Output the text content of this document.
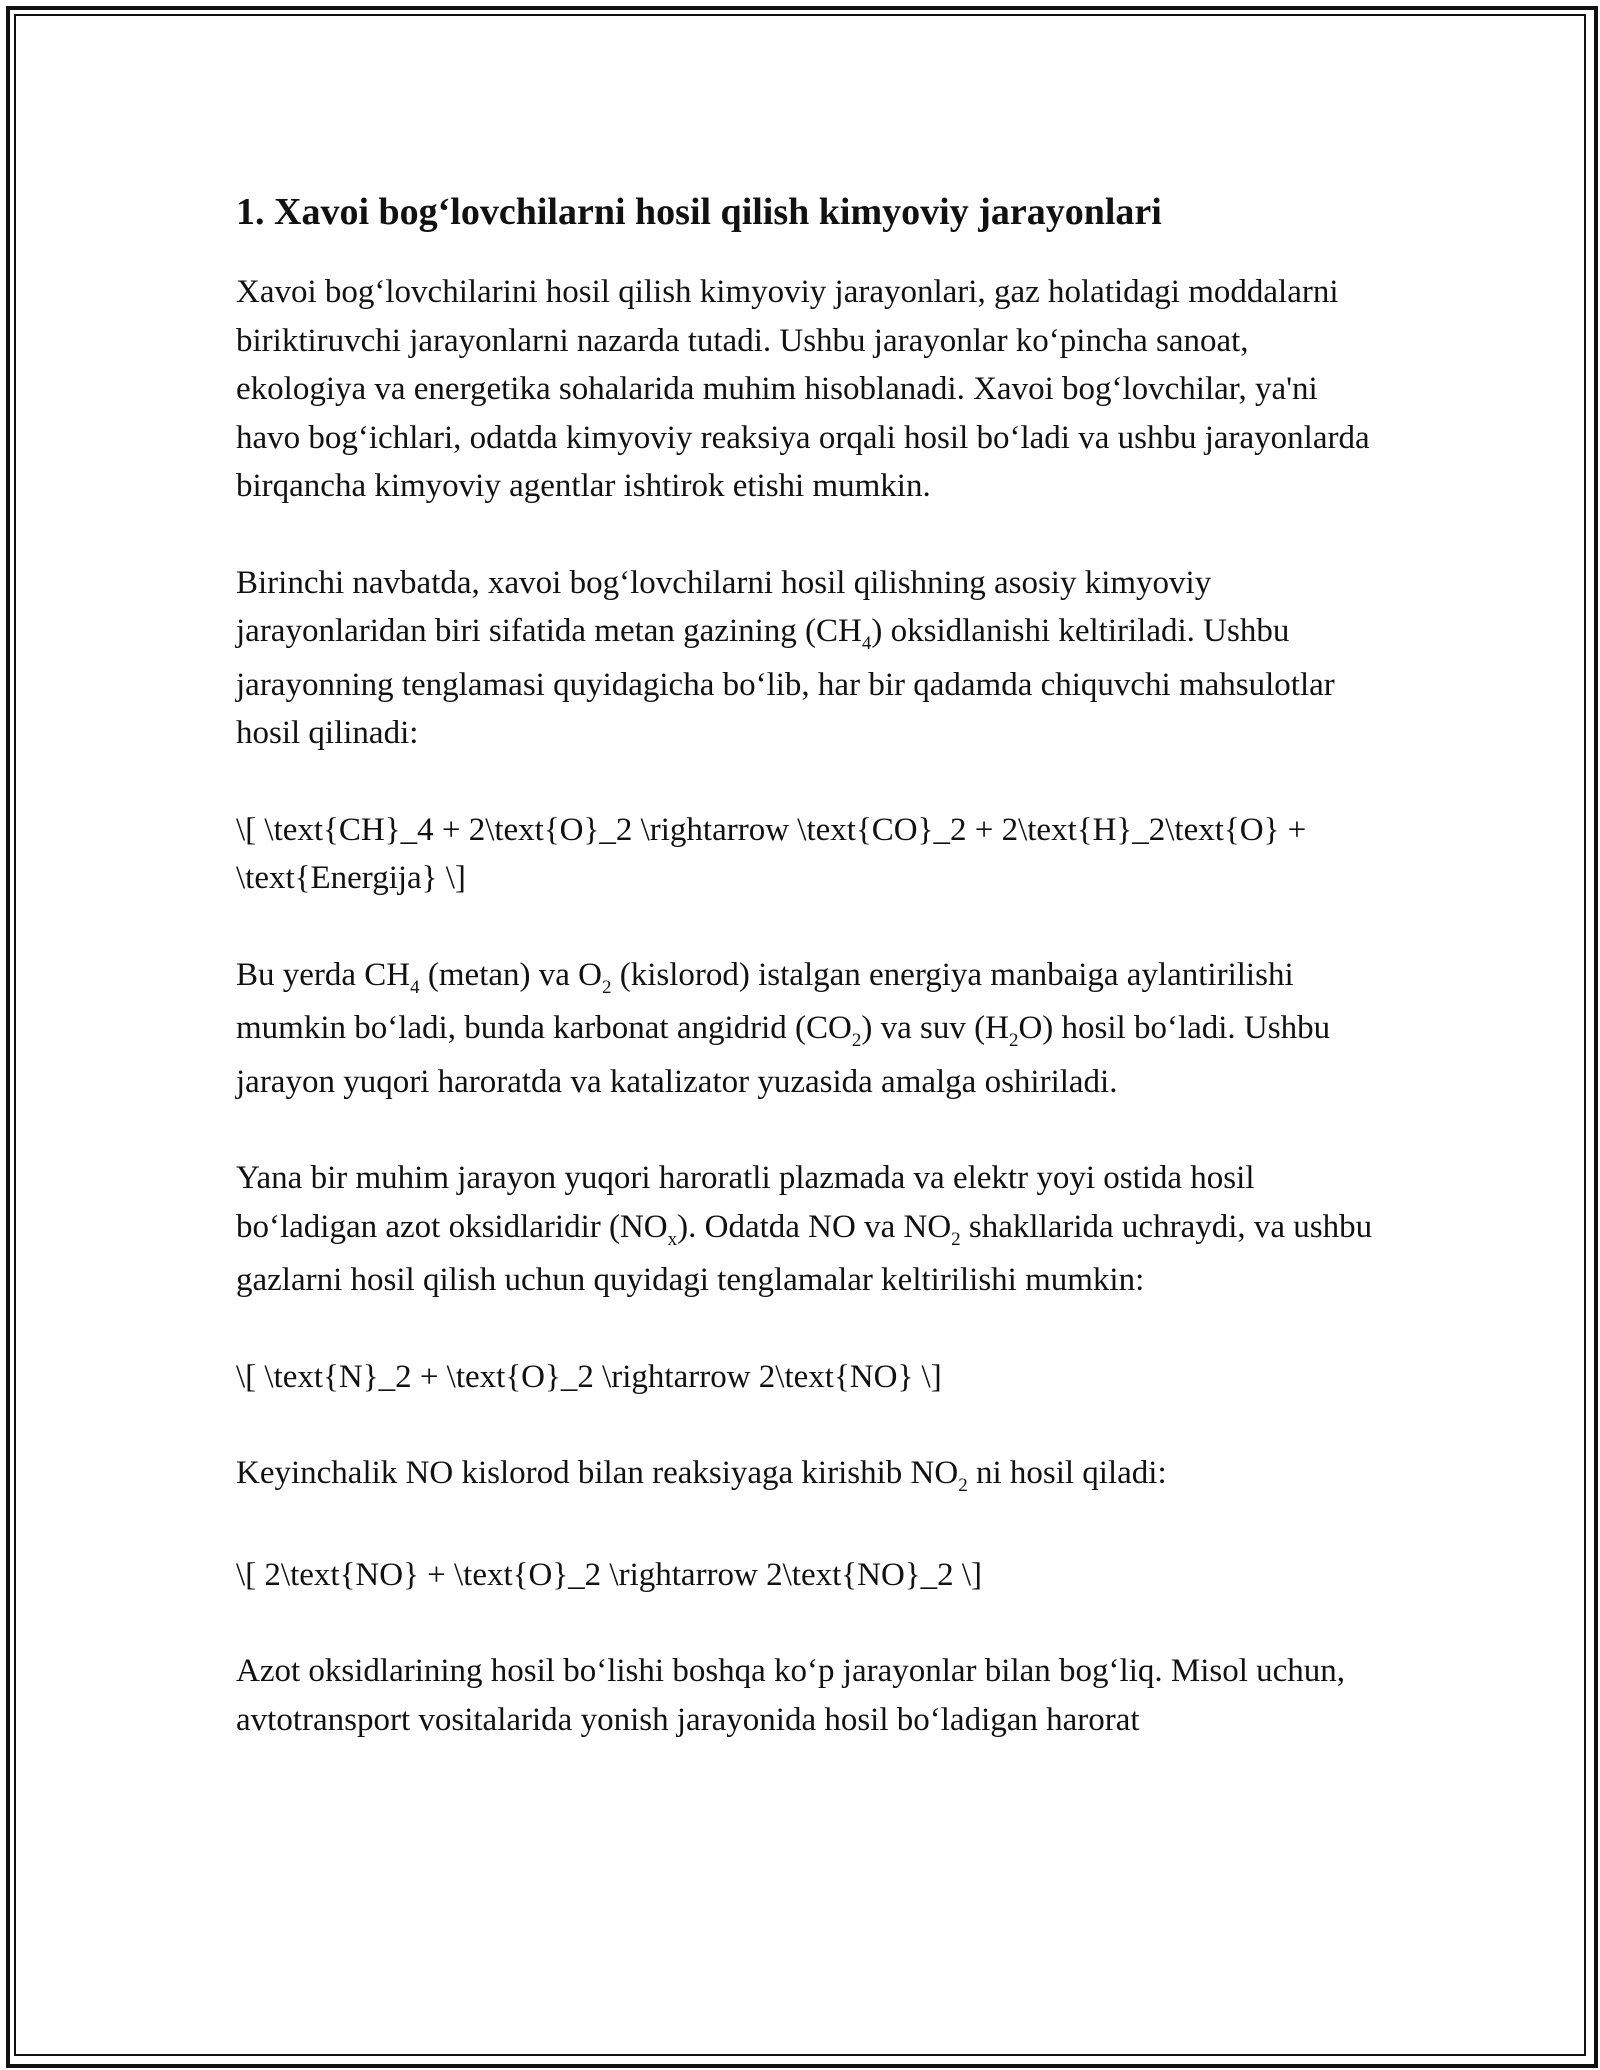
1. Xavoi bog‘lovchilarni hosil qilish kimyoviy jarayonlari

Xavoi bog‘lovchilarini hosil qilish kimyoviy jarayonlari, gaz holatidagi moddalarni biriktiruvchi jarayonlarni nazarda tutadi. Ushbu jarayonlar ko‘pincha sanoat, ekologiya va energetika sohalarida muhim hisoblanadi. Xavoi bog‘lovchilar, ya'ni havo bog‘ichlari, odatda kimyoviy reaksiya orqali hosil bo‘ladi va ushbu jarayonlarda birqancha kimyoviy agentlar ishtirok etishi mumkin.

Birinchi navbatda, xavoi bog‘lovchilarni hosil qilishning asosiy kimyoviy jarayonlaridan biri sifatida metan gazining $(CH_4)$ oksidlanishi keltiriladi. Ushbu jarayonning tenglamasi quyidagicha bo‘lib, har bir qadamda chiquvchi mahsulotlar hosil qilinadi:

\[ \text{CH}_4 + 2\text{O}_2 \rightarrow \text{CO}_2 + 2\text{H}_2\text{O} + \text{Energija} \]

Bu yerda $CH_4$ (metan) va $O_2$ (kislorod) istalgan energiya manbaiga aylantirilishi mumkin bo‘ladi, bunda karbonat angidrid $(CO_2)$ va suv $(H_2O)$ hosil bo‘ladi. Ushbu jarayon yuqori haroratda va katalizator yuzasida amalga oshiriladi.

Yana bir muhim jarayon yuqori haroratli plazmada va elektr yoyi ostida hosil bo‘ladigan azot oksidlaridir $(NO_x)$. Odatda NO va $NO_2$ shakllarida uchraydi, va ushbu gazlarni hosil qilish uchun quyidagi tenglamalar keltirilishi mumkin:

\[ \text{N}_2 + \text{O}_2 \rightarrow 2\text{NO} \]

Keyinchalik NO kislorod bilan reaksiyaga kirishib $NO_2$ ni hosil qiladi:

\[ 2\text{NO} + \text{O}_2 \rightarrow 2\text{NO}_2 \]

Azot oksidlarining hosil bo‘lishi boshqa ko‘p jarayonlar bilan bog‘liq. Misol uchun, avtotransport vositalarida yonish jarayonida hosil bo‘ladigan harorat
